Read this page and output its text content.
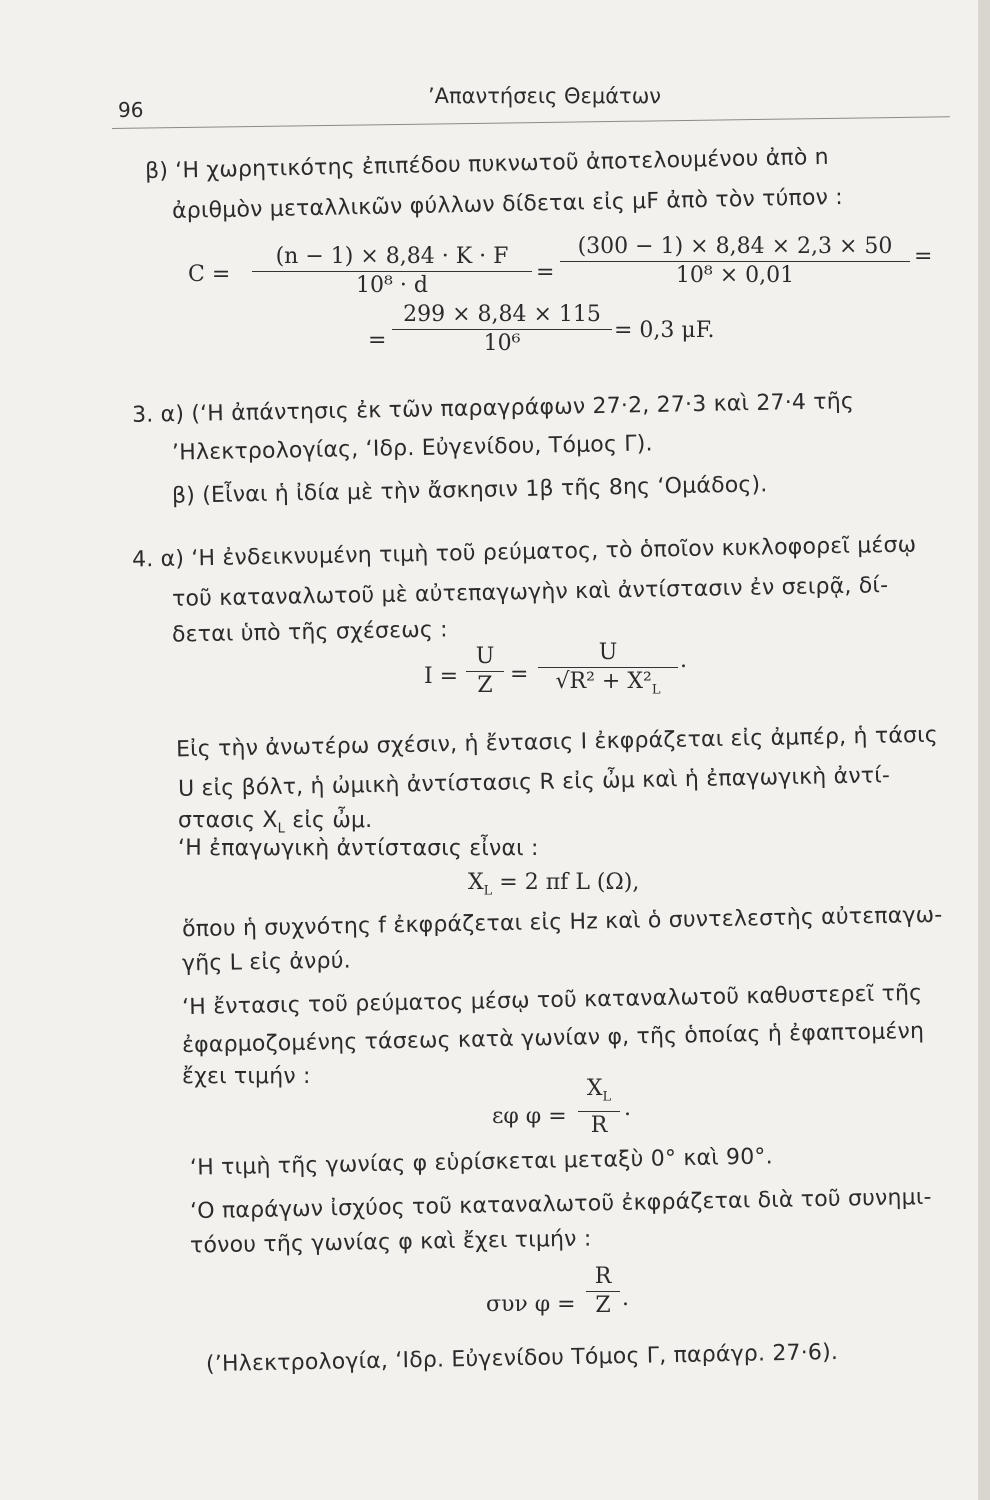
96
’Απαντήσεις Θεμάτων
β) ‘Η χωρητικότης ἐπιπέδου πυκνωτοῦ ἀποτελουμένου ἀπὸ n
ἀριθμὸν μεταλλικῶν φύλλων δίδεται εἰς μF ἀπὸ τὸν τύπον :
C =
(n − 1) × 8,84 · K · F
10⁸ · d
=
(300 − 1) × 8,84 × 2,3 × 50
10⁸ × 0,01
=
=
299 × 8,84 × 115
10⁶
= 0,3 μF.
3. α) (‘Η ἀπάντησις ἐκ τῶν παραγράφων 27·2, 27·3 καὶ 27·4 τῆς
’Ηλεκτρολογίας, ‘Ιδρ. Εὐγενίδου, Τόμος Γ).
β) (Εἶναι ἡ ἰδία μὲ τὴν ἄσκησιν 1β τῆς 8ης ‘Ομάδος).
4. α) ‘Η ἐνδεικνυμένη τιμὴ τοῦ ρεύματος, τὸ ὁποῖον κυκλοφορεῖ μέσῳ
τοῦ καταναλωτοῦ μὲ αὐτεπαγωγὴν καὶ ἀντίστασιν ἐν σειρᾷ, δί-
δεται ὑπὸ τῆς σχέσεως :
I =
U
Z =
U
$√R^2 + X^2_L$
.
Εἰς τὴν ἀνωτέρω σχέσιν, ἡ ἔντασις I ἐκφράζεται εἰς ἀμπέρ, ἡ τάσις
U εἰς βόλτ, ἡ ὠμικὴ ἀντίστασις R εἰς ὦμ καὶ ἡ ἐπαγωγικὴ ἀντί-
στασις $X_L$ εἰς ὦμ.
‘Η ἐπαγωγικὴ ἀντίστασις εἶναι :
$X_L = 2$ πf L (Ω),
ὅπου ἡ συχνότης f ἐκφράζεται εἰς Hz καὶ ὁ συντελεστὴς αὐτεπαγω-
γῆς L εἰς ἀνρύ.
‘Η ἔντασις τοῦ ρεύματος μέσῳ τοῦ καταναλωτοῦ καθυστερεῖ τῆς
ἐφαρμοζομένης τάσεως κατὰ γωνίαν φ, τῆς ὁποίας ἡ ἐφαπτομένη
ἔχει τιμήν :
εφ φ =
$X_L$
R
.
‘Η τιμὴ τῆς γωνίας φ εὑρίσκεται μεταξὺ 0° καὶ 90°.
‘Ο παράγων ἰσχύος τοῦ καταναλωτοῦ ἐκφράζεται διὰ τοῦ συνημι-
τόνου τῆς γωνίας φ καὶ ἔχει τιμήν :
συν φ =
R
Z .
(’Ηλεκτρολογία, ‘Ιδρ. Εὐγενίδου Τόμος Γ, παράγρ. 27·6).
